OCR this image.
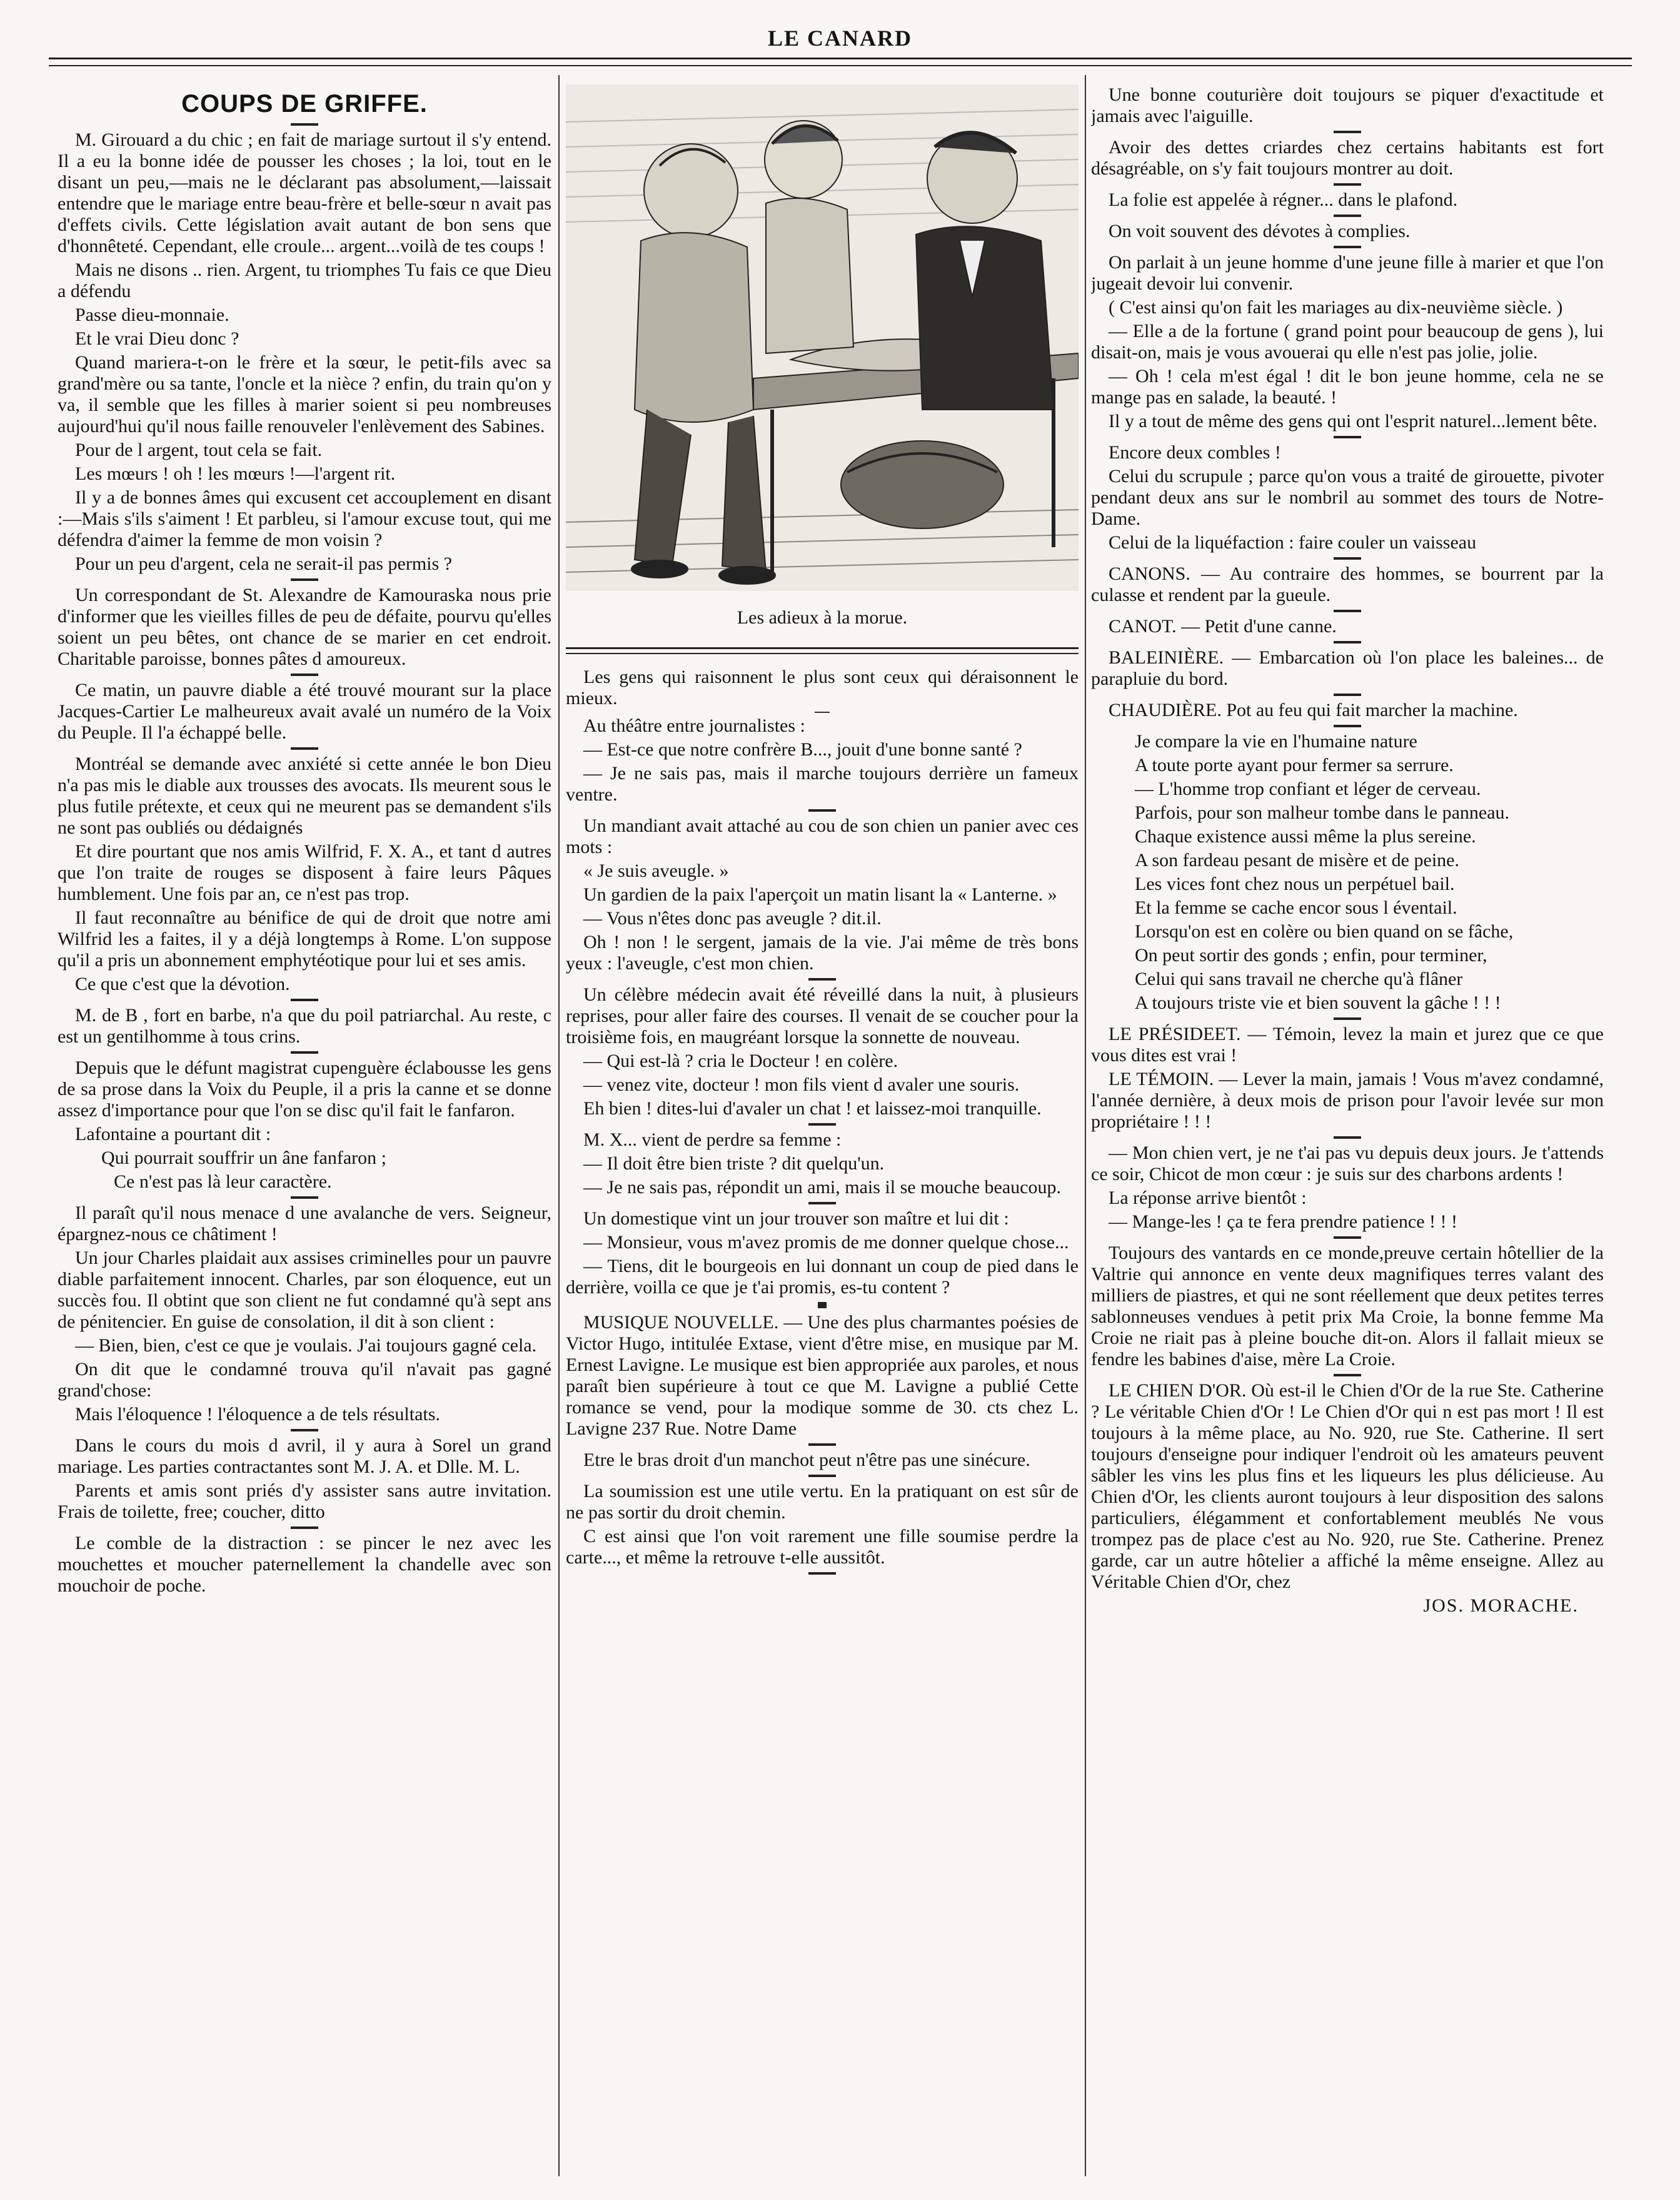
LE CANARD
COUPS DE GRIFFE.

M. Girouard a du chic ; en fait de mariage surtout il s'y entend. Il a eu la bonne idée de pousser les choses ; la loi, tout en le disant un peu,—mais ne le déclarant pas absolument,—laissait entendre que le mariage entre beau-frère et belle-sœur n avait pas d'effets civils. Cette législation avait autant de bon sens que d'honnêteté. Cependant, elle croule... argent...voilà de tes coups !

Mais ne disons .. rien. Argent, tu triomphes Tu fais ce que Dieu a défendu

Passe dieu-monnaie.

Et le vrai Dieu donc ?

Quand mariera-t-on le frère et la sœur, le petit-fils avec sa grand'mère ou sa tante, l'oncle et la nièce ? enfin, du train qu'on y va, il semble que les filles à marier soient si peu nombreuses aujourd'hui qu'il nous faille renouveler l'enlèvement des Sabines.

Pour de l argent, tout cela se fait.

Les mœurs ! oh ! les mœurs !—l'argent rit.

Il y a de bonnes âmes qui excusent cet accouplement en disant :—Mais s'ils s'aiment ! Et parbleu, si l'amour excuse tout, qui me défendra d'aimer la femme de mon voisin ?

Pour un peu d'argent, cela ne serait-il pas permis ?

Un correspondant de St. Alexandre de Kamouraska nous prie d'informer que les vieilles filles de peu de défaite, pourvu qu'elles soient un peu bêtes, ont chance de se marier en cet endroit. Charitable paroisse, bonnes pâtes d amoureux.

Ce matin, un pauvre diable a été trouvé mourant sur la place Jacques-Cartier Le malheureux avait avalé un numéro de la Voix du Peuple. Il l'a échappé belle.

Montréal se demande avec anxiété si cette année le bon Dieu n'a pas mis le diable aux trousses des avocats. Ils meurent sous le plus futile prétexte, et ceux qui ne meurent pas se demandent s'ils ne sont pas oubliés ou dédaignés

Et dire pourtant que nos amis Wilfrid, F. X. A., et tant d autres que l'on traite de rouges se disposent à faire leurs Pâques humblement. Une fois par an, ce n'est pas trop.

Il faut reconnaître au bénifice de qui de droit que notre ami Wilfrid les a faites, il y a déjà longtemps à Rome. L'on suppose qu'il a pris un abonnement emphytéotique pour lui et ses amis.

Ce que c'est que la dévotion.

M. de B , fort en barbe, n'a que du poil patriarchal. Au reste, c est un gentilhomme à tous crins.

Depuis que le défunt magistrat cupenguère éclabousse les gens de sa prose dans la Voix du Peuple, il a pris la canne et se donne assez d'importance pour que l'on se disc qu'il fait le fanfaron.

Lafontaine a pourtant dit :

Qui pourrait souffrir un âne fanfaron ;

Ce n'est pas là leur caractère.

Il paraît qu'il nous menace d une avalanche de vers. Seigneur, épargnez-nous ce châtiment !

Un jour Charles plaidait aux assises criminelles pour un pauvre diable parfaitement innocent. Charles, par son éloquence, eut un succès fou. Il obtint que son client ne fut condamné qu'à sept ans de pénitencier. En guise de consolation, il dit à son client :

— Bien, bien, c'est ce que je voulais. J'ai toujours gagné cela.

On dit que le condamné trouva qu'il n'avait pas gagné grand'chose:

Mais l'éloquence ! l'éloquence a de tels résultats.

Dans le cours du mois d avril, il y aura à Sorel un grand mariage. Les parties contractantes sont M. J. A. et Dlle. M. L.

Parents et amis sont priés d'y assister sans autre invitation. Frais de toilette, free; coucher, ditto

Le comble de la distraction : se pincer le nez avec les mouchettes et moucher paternellement la chandelle avec son mouchoir de poche.

Les adieux à la morue.

Les gens qui raisonnent le plus sont ceux qui déraisonnent le mieux.

Au théâtre entre journalistes :

— Est-ce que notre confrère B..., jouit d'une bonne santé ?

— Je ne sais pas, mais il marche toujours derrière un fameux ventre.

Un mandiant avait attaché au cou de son chien un panier avec ces mots :

« Je suis aveugle. »

Un gardien de la paix l'aperçoit un matin lisant la « Lanterne. »

— Vous n'êtes donc pas aveugle ? dit.il.

Oh ! non ! le sergent, jamais de la vie. J'ai même de très bons yeux : l'aveugle, c'est mon chien.

Un célèbre médecin avait été réveillé dans la nuit, à plusieurs reprises, pour aller faire des courses. Il venait de se coucher pour la troisième fois, en maugréant lorsque la sonnette de nouveau.

— Qui est-là ? cria le Docteur ! en colère.

— venez vite, docteur ! mon fils vient d avaler une souris.

Eh bien ! dites-lui d'avaler un chat ! et laissez-moi tranquille.

M. X... vient de perdre sa femme :

— Il doit être bien triste ? dit quelqu'un.

— Je ne sais pas, répondit un ami, mais il se mouche beaucoup.

Un domestique vint un jour trouver son maître et lui dit :

— Monsieur, vous m'avez promis de me donner quelque chose...

— Tiens, dit le bourgeois en lui donnant un coup de pied dans le derrière, voilla ce que je t'ai promis, es-tu content ?

MUSIQUE NOUVELLE. — Une des plus charmantes poésies de Victor Hugo, intitulée Extase, vient d'être mise, en musique par M. Ernest Lavigne. Le musique est bien appropriée aux paroles, et nous paraît bien supérieure à tout ce que M. Lavigne a publié Cette romance se vend, pour la modique somme de 30. cts chez L. Lavigne 237 Rue. Notre Dame

Etre le bras droit d'un manchot peut n'être pas une sinécure.

La soumission est une utile vertu. En la pratiquant on est sûr de ne pas sortir du droit chemin.

C est ainsi que l'on voit rarement une fille soumise perdre la carte..., et même la retrouve t-elle aussitôt.

Une bonne couturière doit toujours se piquer d'exactitude et jamais avec l'aiguille.

Avoir des dettes criardes chez certains habitants est fort désagréable, on s'y fait toujours montrer au doit.

La folie est appelée à régner... dans le plafond.

On voit souvent des dévotes à complies.

On parlait à un jeune homme d'une jeune fille à marier et que l'on jugeait devoir lui convenir.

( C'est ainsi qu'on fait les mariages au dix-neuvième siècle. )

— Elle a de la fortune ( grand point pour beaucoup de gens ), lui disait-on, mais je vous avouerai qu elle n'est pas jolie, jolie.

— Oh ! cela m'est égal ! dit le bon jeune homme, cela ne se mange pas en salade, la beauté. !

Il y a tout de même des gens qui ont l'esprit naturel...lement bête.

Encore deux combles !

Celui du scrupule ; parce qu'on vous a traité de girouette, pivoter pendant deux ans sur le nombril au sommet des tours de Notre-Dame.

Celui de la liquéfaction : faire couler un vaisseau

CANONS. — Au contraire des hommes, se bourrent par la culasse et rendent par la gueule.

CANOT. — Petit d'une canne.

BALEINIÈRE. — Embarcation où l'on place les baleines... de parapluie du bord.

CHAUDIÈRE. Pot au feu qui fait marcher la machine.

Je compare la vie en l'humaine nature

A toute porte ayant pour fermer sa serrure.

— L'homme trop confiant et léger de cerveau.

Parfois, pour son malheur tombe dans le panneau.

Chaque existence aussi même la plus sereine.

A son fardeau pesant de misère et de peine.

Les vices font chez nous un perpétuel bail.

Et la femme se cache encor sous l éventail.

Lorsqu'on est en colère ou bien quand on se fâche,

On peut sortir des gonds ; enfin, pour terminer,

Celui qui sans travail ne cherche qu'à flâner

A toujours triste vie et bien souvent la gâche ! ! !

LE PRÉSIDEET. — Témoin, levez la main et jurez que ce que vous dites est vrai !

LE TÉMOIN. — Lever la main, jamais ! Vous m'avez condamné, l'année dernière, à deux mois de prison pour l'avoir levée sur mon propriétaire ! ! !

— Mon chien vert, je ne t'ai pas vu depuis deux jours. Je t'attends ce soir, Chicot de mon cœur : je suis sur des charbons ardents !

La réponse arrive bientôt :

— Mange-les ! ça te fera prendre patience ! ! !

Toujours des vantards en ce monde,preuve certain hôtellier de la Valtrie qui annonce en vente deux magnifiques terres valant des milliers de piastres, et qui ne sont réellement que deux petites terres sablonneuses vendues à petit prix Ma Croie, la bonne femme Ma Croie ne riait pas à pleine bouche dit-on. Alors il fallait mieux se fendre les babines d'aise, mère La Croie.

LE CHIEN D'OR. Où est-il le Chien d'Or de la rue Ste. Catherine ? Le véritable Chien d'Or ! Le Chien d'Or qui n est pas mort ! Il est toujours à la même place, au No. 920, rue Ste. Catherine. Il sert toujours d'enseigne pour indiquer l'endroit où les amateurs peuvent sâbler les vins les plus fins et les liqueurs les plus délicieuse. Au Chien d'Or, les clients auront toujours à leur disposition des salons particuliers, élégamment et confortablement meublés Ne vous trompez pas de place c'est au No. 920, rue Ste. Catherine. Prenez garde, car un autre hôtelier a affiché la même enseigne. Allez au Véritable Chien d'Or, chez

JOS. MORACHE.
